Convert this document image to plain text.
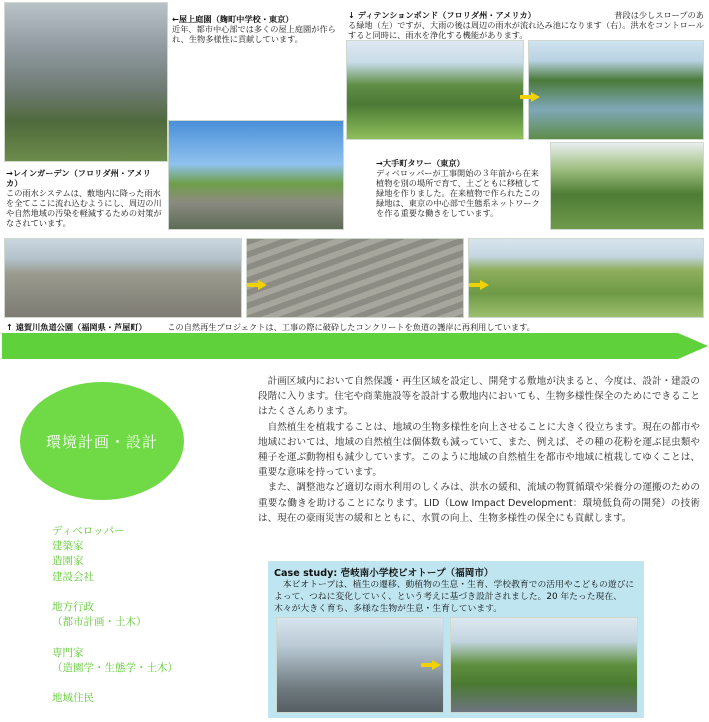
←屋上庭園（麹町中学校・東京）
近年、都市中心部では多くの屋上庭園が作られ、生物多様性に貢献しています。
↓ ディテンションポンド（フロリダ州・アメリカ）	普段は少しスロープのあ

る緑地（左）ですが、大雨の後は周辺の雨水が流れ込み池になります（右）。洪水をコントロールすると同時に、雨水を浄化する機能があります。
→レインガーデン（フロリダ州・アメリカ）
この雨水システムは、敷地内に降った雨水を全てここに流れ込むようにし、周辺の川や自然地域の汚染を軽減するための対策がなされています。
→大手町タワー（東京）
ディベロッパーが工事開始の３年前から在来植物を別の場所で育て、土ごともに移植して緑地を作りました。在来植物で作られたこの緑地は、東京の中心部で生態系ネットワークを作る重要な働きをしています。
↑ 遠賀川魚道公園（福岡県・芦屋町）	この自然再生プロジェクトは、工事の際に破砕したコンクリートを魚道の護岸に再利用しています。
環境計画・設計
ディベロッパー
建築家
造園家
建設会社

地方行政
（都市計画・土木）

専門家
（造園学・生態学・土木）

地域住民

計画区域内において自然保護・再生区域を設定し、開発する敷地が決まると、今度は、設計・建設の段階に入ります。住宅や商業施設等を設計する敷地内においても、生物多様性保全のためにできることはたくさんあります。

自然植生を植栽することは、地域の生物多様性を向上させることに大きく役立ちます。現在の都市や地域においては、地域の自然植生は個体数も減っていて、また、例えば、その種の花粉を運ぶ昆虫類や種子を運ぶ動物相も減少しています。このように地域の自然植生を都市や地域に植栽してゆくことは、重要な意味を持っています。

また、調整池など適切な雨水利用のしくみは、洪水の緩和、流域の物質循環や栄養分の運搬のための重要な働きを助けることになります。LID（Low Impact Development：環境低負荷の開発）の技術は、現在の豪雨災害の緩和とともに、水質の向上、生物多様性の保全にも貢献します。

Case study: 壱岐南小学校ビオトープ（福岡市）
本ビオトープは、植生の遷移、動植物の生息・生育、学校教育での活用やこどもの遊びによって、つねに変化していく、という考えに基づき設計されました。20 年たった現在、木々が大きく育ち、多様な生物が生息・生育しています。
